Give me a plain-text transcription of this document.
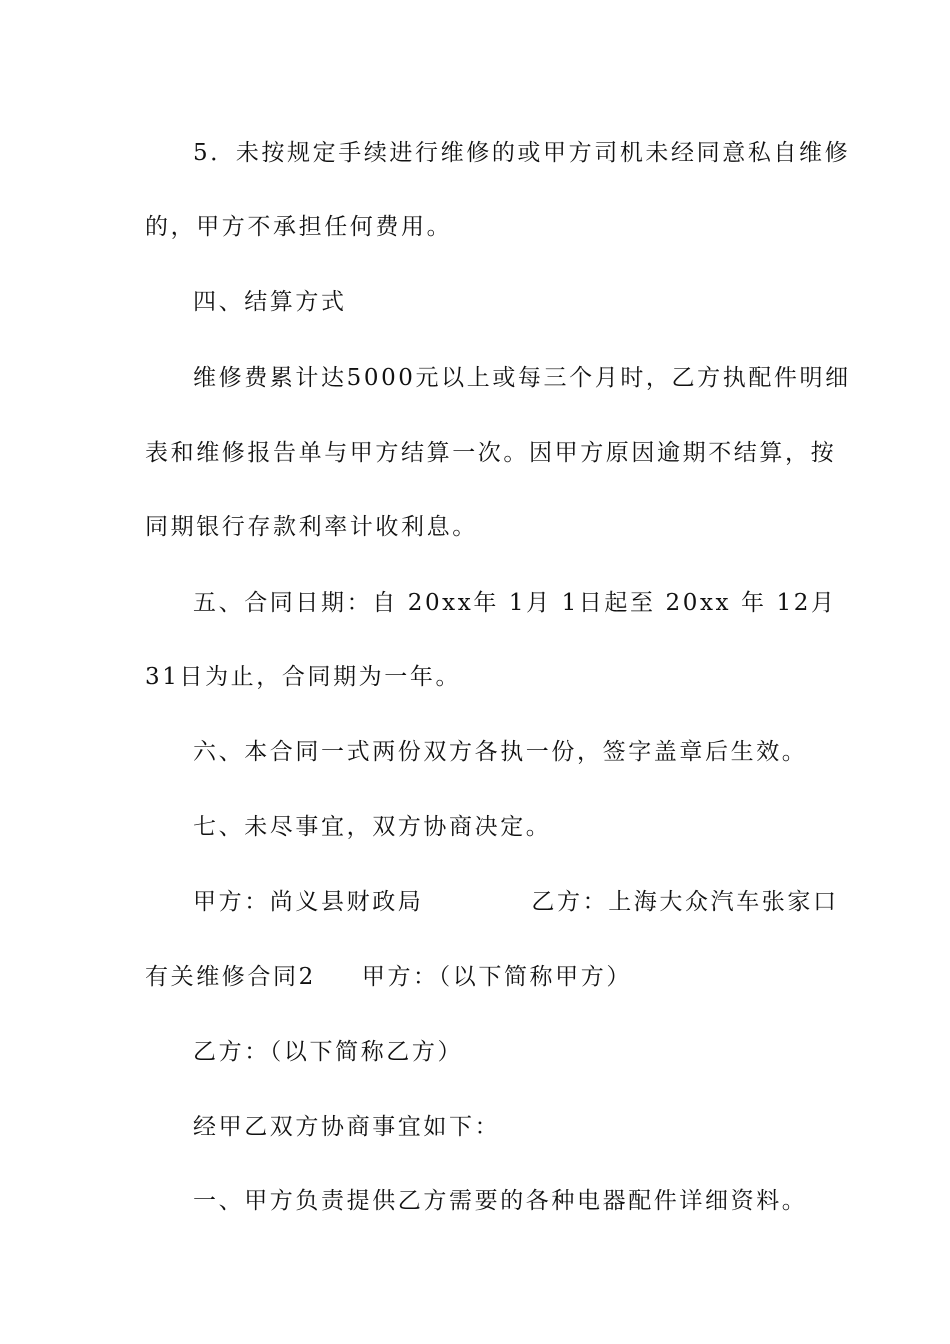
5．未按规定手续进行维修的或甲方司机未经同意私自维修
的，甲方不承担任何费用。
四、结算方式
维修费累计达5000元以上或每三个月时，乙方执配件明细
表和维修报告单与甲方结算一次。因甲方原因逾期不结算，按
同期银行存款利率计收利息。
五、合同日期：自 20xx年 1月 1日起至 20xx 年 12月
31日为止，合同期为一年。
六、本合同一式两份双方各执一份，签字盖章后生效。
七、未尽事宜，双方协商决定。
甲方：尚义县财政局	乙方：上海大众汽车张家口
有关维修合同2 甲方：（以下简称甲方）
乙方：（以下简称乙方）
经甲乙双方协商事宜如下：
一、甲方负责提供乙方需要的各种电器配件详细资料。
